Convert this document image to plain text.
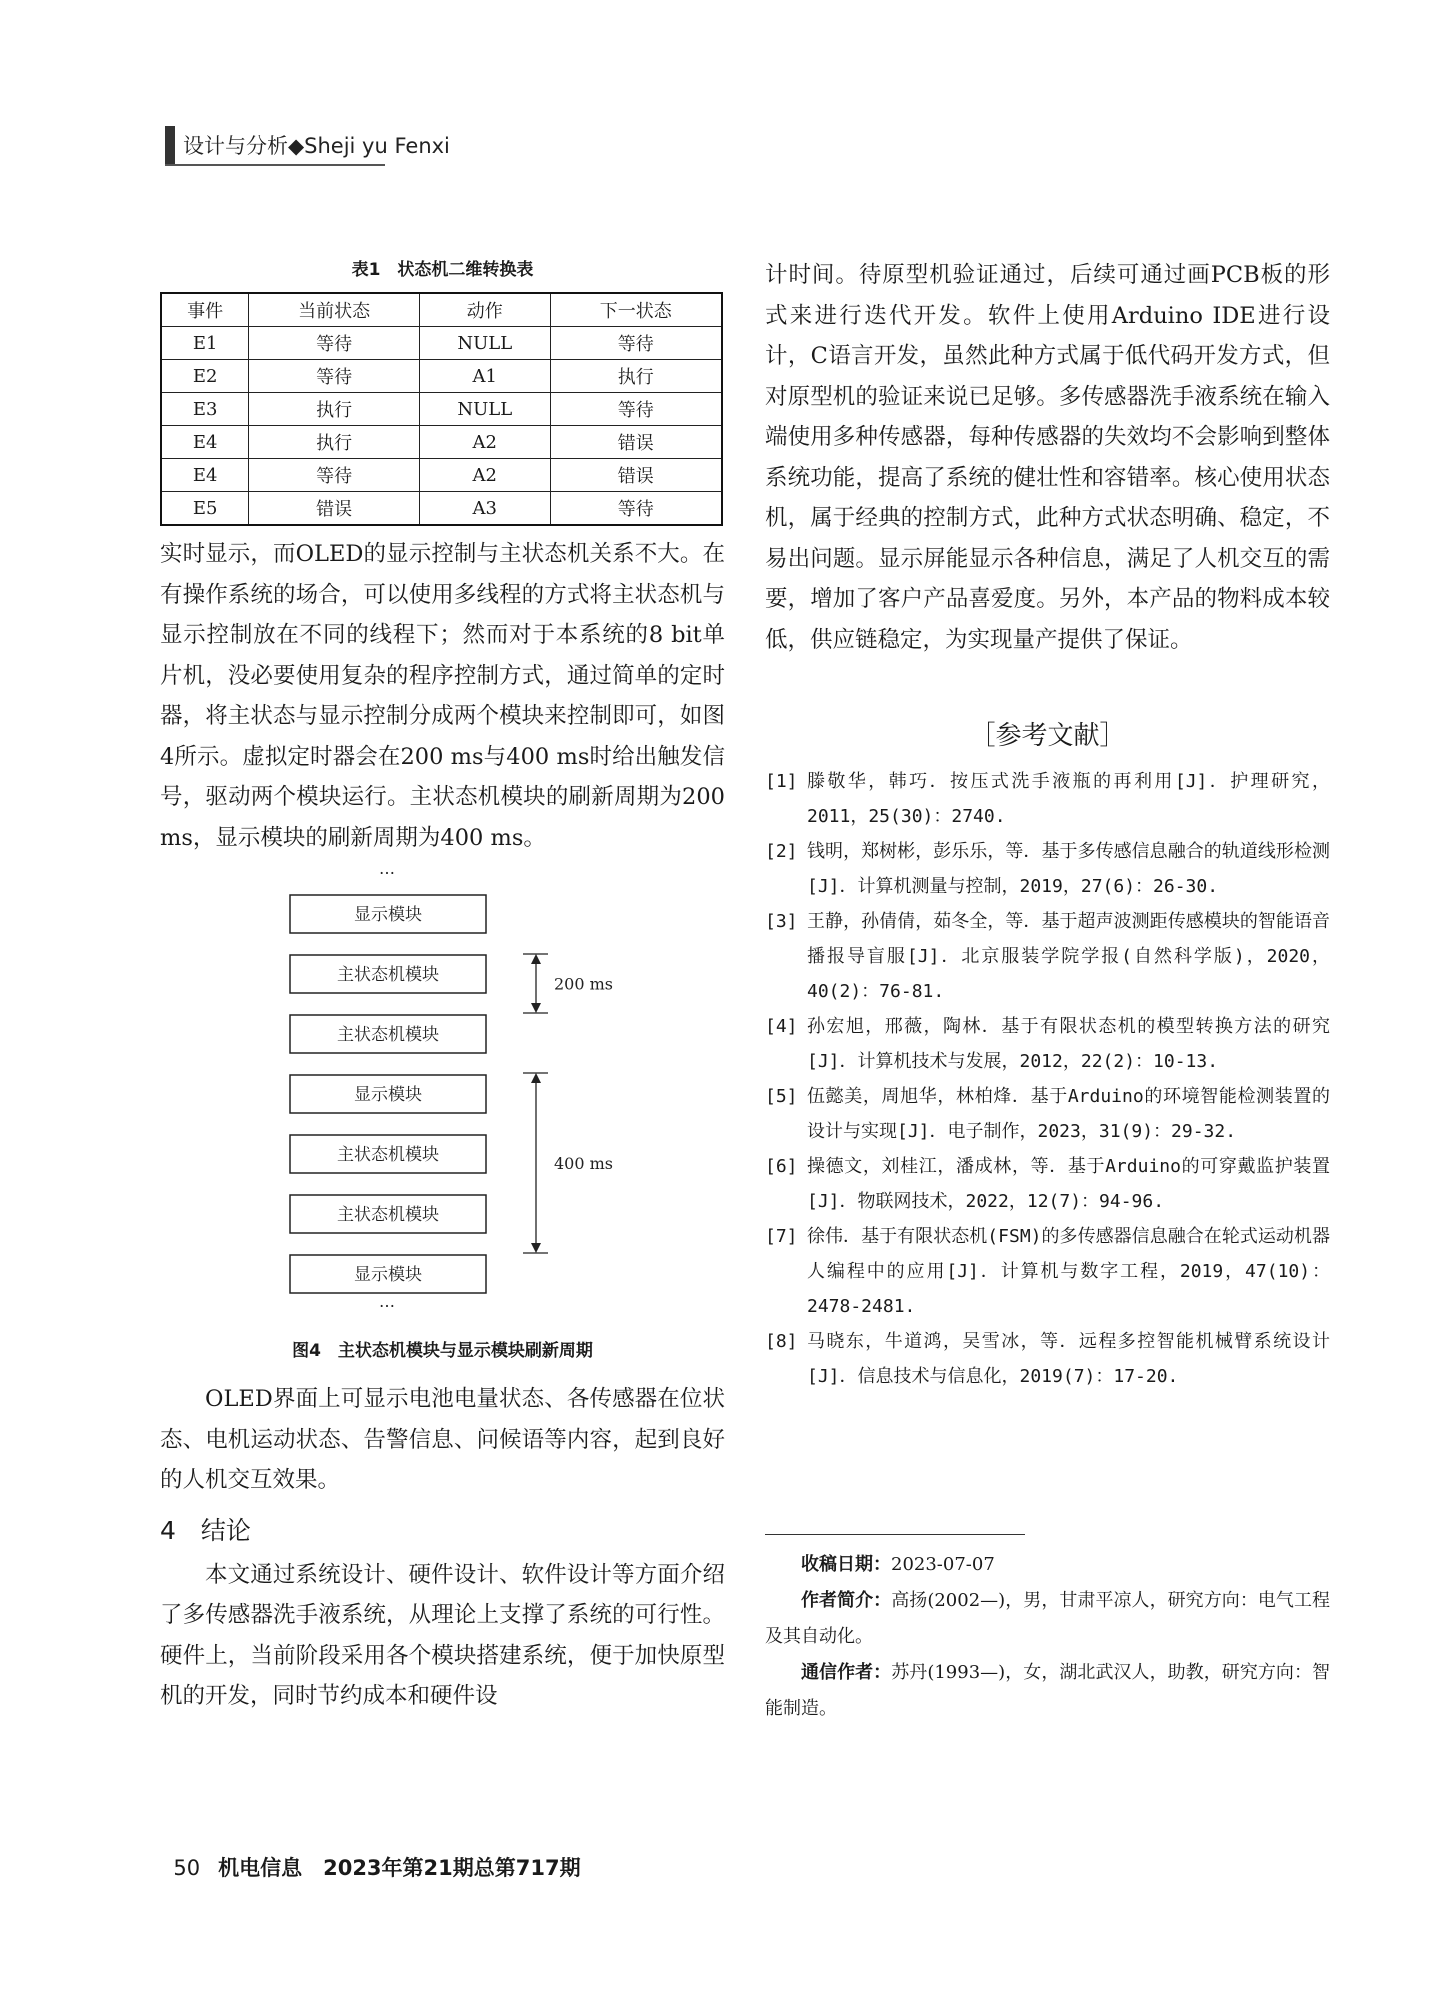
设计与分析◆Sheji yu Fenxi
表1　状态机二维转换表
事件	当前状态	动作	下一状态
E1	等待	NULL	等待
E2	等待	A1	执行
E3	执行	NULL	等待
E4	执行	A2	错误
E4	等待	A2	错误
E5	错误	A3	等待

实时显示，而OLED的显示控制与主状态机关系不大。在有操作系统的场合，可以使用多线程的方式将主状态机与显示控制放在不同的线程下；然而对于本系统的8 bit单片机，没必要使用复杂的程序控制方式，通过简单的定时器，将主状态与显示控制分成两个模块来控制即可，如图4所示。虚拟定时器会在200 ms与400 ms时给出触发信号，驱动两个模块运行。主状态机模块的刷新周期为200 ms，显示模块的刷新周期为400 ms。

…
显示模块
主状态机模块
主状态机模块
显示模块
主状态机模块
主状态机模块
显示模块
…
200 ms
400 ms
图4　主状态机模块与显示模块刷新周期

OLED界面上可显示电池电量状态、各传感器在位状态、电机运动状态、告警信息、问候语等内容，起到良好的人机交互效果。

4　结论

本文通过系统设计、硬件设计、软件设计等方面介绍了多传感器洗手液系统，从理论上支撑了系统的可行性。硬件上，当前阶段采用各个模块搭建系统，便于加快原型机的开发，同时节约成本和硬件设

计时间。待原型机验证通过，后续可通过画PCB板的形式来进行迭代开发。软件上使用Arduino IDE进行设计，C语言开发，虽然此种方式属于低代码开发方式，但对原型机的验证来说已足够。多传感器洗手液系统在输入端使用多种传感器，每种传感器的失效均不会影响到整体系统功能，提高了系统的健壮性和容错率。核心使用状态机，属于经典的控制方式，此种方式状态明确、稳定，不易出问题。显示屏能显示各种信息，满足了人机交互的需要，增加了客户产品喜爱度。另外，本产品的物料成本较低，供应链稳定，为实现量产提供了保证。

［参考文献］
[1] 滕敬华，韩巧．按压式洗手液瓶的再利用[J]．护理研究，2011，25(30)：2740.
[2] 钱明，郑树彬，彭乐乐，等．基于多传感信息融合的轨道线形检测[J]．计算机测量与控制，2019，27(6)：26-30.
[3] 王静，孙倩倩，茹冬全，等．基于超声波测距传感模块的智能语音播报导盲服[J]．北京服装学院学报(自然科学版)，2020，40(2)：76-81.
[4] 孙宏旭，邢薇，陶林．基于有限状态机的模型转换方法的研究[J]．计算机技术与发展，2012，22(2)：10-13.
[5] 伍懿美，周旭华，林柏烽．基于Arduino的环境智能检测装置的设计与实现[J]．电子制作，2023，31(9)：29-32.
[6] 操德文，刘桂江，潘成林，等．基于Arduino的可穿戴监护装置[J]．物联网技术，2022，12(7)：94-96.
[7] 徐伟．基于有限状态机(FSM)的多传感器信息融合在轮式运动机器人编程中的应用[J]．计算机与数字工程，2019，47(10)：2478-2481.
[8] 马晓东，牛道鸿，吴雪冰，等．远程多控智能机械臂系统设计[J]．信息技术与信息化，2019(7)：17-20.

收稿日期：2023-07-07

作者简介：高扬(2002—)，男，甘肃平凉人，研究方向：电气工程及其自动化。

通信作者：苏丹(1993—)，女，湖北武汉人，助教，研究方向：智能制造。

50 机电信息　2023年第21期总第717期
